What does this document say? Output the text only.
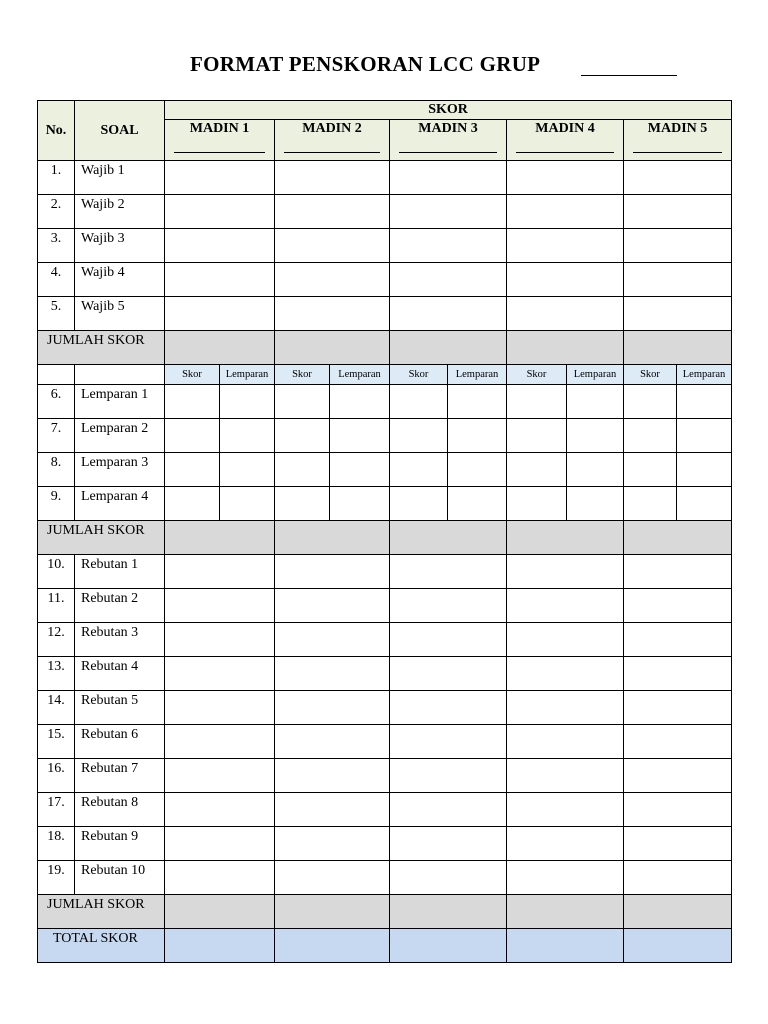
FORMAT PENSKORAN LCC GRUP
No.	SOAL	SKOR									

		MADIN 1		MADIN 2		MADIN 3		MADIN 4		MADIN 5	

1.	Wajib 1										
2.	Wajib 2										
3.	Wajib 3										
4.	Wajib 4										
5.	Wajib 5										
JUMLAH SKOR											
		Skor	Lemparan	Skor	Lemparan	Skor	Lemparan	Skor	Lemparan	Skor	Lemparan
6.	Lemparan 1										
7.	Lemparan 2										
8.	Lemparan 3										
9.	Lemparan 4										
JUMLAH SKOR											
10.	Rebutan 1										
11.	Rebutan 2										
12.	Rebutan 3										
13.	Rebutan 4										
14.	Rebutan 5										
15.	Rebutan 6										
16.	Rebutan 7										
17.	Rebutan 8										
18.	Rebutan 9										
19.	Rebutan 10										
JUMLAH SKOR											
TOTAL SKOR											
